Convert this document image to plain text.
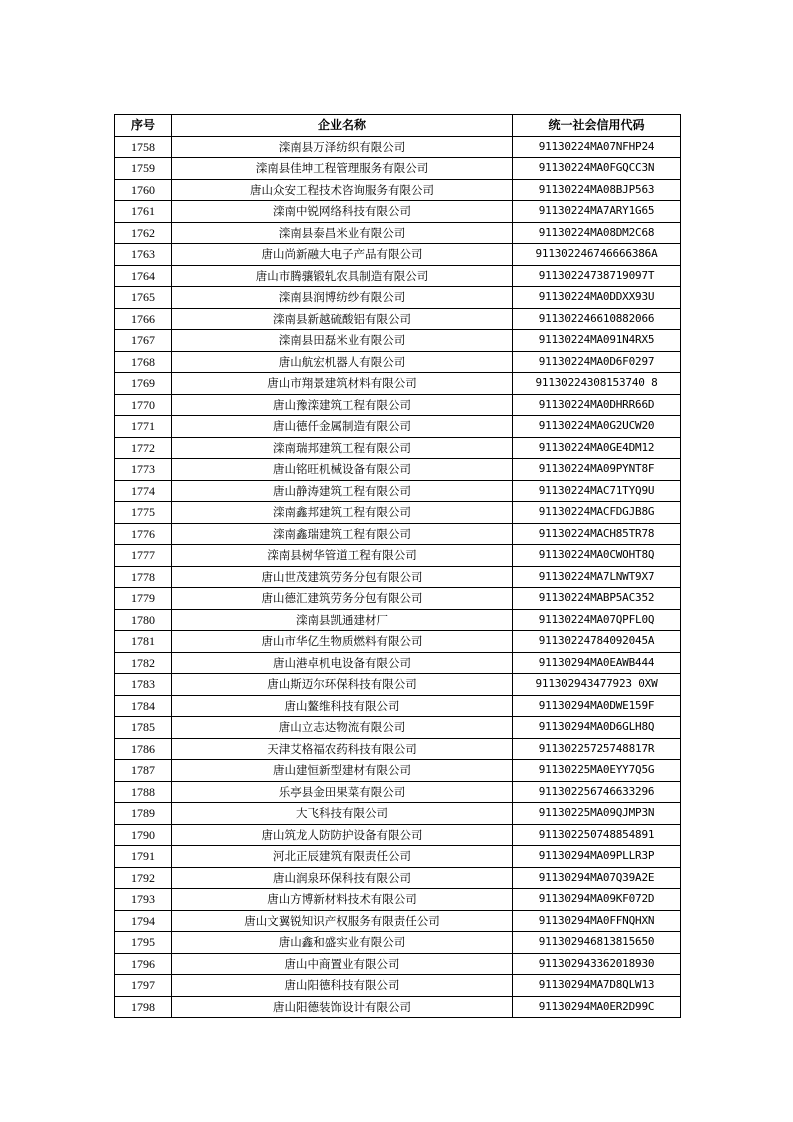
序号	企业名称	统一社会信用代码
1758	滦南县万泽纺织有限公司	91130224MA07NFHP24
1759	滦南县佳坤工程管理服务有限公司	91130224MA0FGQCC3N
1760	唐山众安工程技术咨询服务有限公司	91130224MA08BJP563
1761	滦南中锐网络科技有限公司	91130224MA7ARY1G65
1762	滦南县泰昌米业有限公司	91130224MA08DM2C68
1763	唐山尚新融大电子产品有限公司	911302246746666386A
1764	唐山市腾骧锻轧农具制造有限公司	91130224738719097T
1765	滦南县润博纺纱有限公司	91130224MA0DDXX93U
1766	滦南县新越硫酸铝有限公司	911302246610882066
1767	滦南县田磊米业有限公司	91130224MA091N4RX5
1768	唐山航宏机器人有限公司	91130224MA0D6F0297
1769	唐山市翔景建筑材料有限公司	91130224308153740 8
1770	唐山豫滦建筑工程有限公司	91130224MA0DHRR66D
1771	唐山德仟金属制造有限公司	91130224MA0G2UCW20
1772	滦南瑞邦建筑工程有限公司	91130224MA0GE4DM12
1773	唐山铭旺机械设备有限公司	91130224MA09PYNT8F
1774	唐山静涛建筑工程有限公司	91130224MAC71TYQ9U
1775	滦南鑫邦建筑工程有限公司	91130224MACFDGJB8G
1776	滦南鑫瑞建筑工程有限公司	91130224MACH85TR78
1777	滦南县树华管道工程有限公司	91130224MA0CWOHT8Q
1778	唐山世茂建筑劳务分包有限公司	91130224MA7LNWT9X7
1779	唐山德汇建筑劳务分包有限公司	91130224MABP5AC352
1780	滦南县凯通建材厂	91130224MA07QPFL0Q
1781	唐山市华亿生物质燃料有限公司	91130224784092045A
1782	唐山港卓机电设备有限公司	91130294MA0EAWB444
1783	唐山斯迈尔环保科技有限公司	911302943477923 0XW
1784	唐山鳌维科技有限公司	91130294MA0DWE159F
1785	唐山立志达物流有限公司	91130294MA0D6GLH8Q
1786	天津艾格福农药科技有限公司	91130225725748817R
1787	唐山建恒新型建材有限公司	91130225MA0EYY7Q5G
1788	乐亭县金田果菜有限公司	911302256746633296
1789	大飞科技有限公司	91130225MA09QJMP3N
1790	唐山筑龙人防防护设备有限公司	911302250748854891
1791	河北正辰建筑有限责任公司	91130294MA09PLLR3P
1792	唐山润泉环保科技有限公司	91130294MA07Q39A2E
1793	唐山方博新材料技术有限公司	91130294MA09KF072D
1794	唐山文翼锐知识产权服务有限责任公司	91130294MA0FFNQHXN
1795	唐山鑫和盛实业有限公司	911302946813815650
1796	唐山中商置业有限公司	911302943362018930
1797	唐山阳德科技有限公司	91130294MA7D8QLW13
1798	唐山阳德装饰设计有限公司	91130294MA0ER2D99C
